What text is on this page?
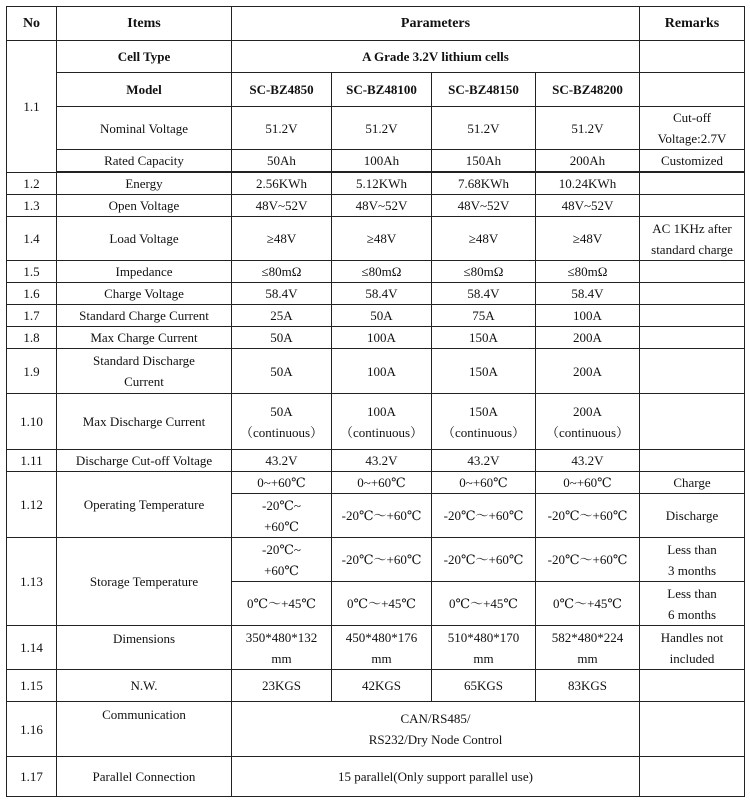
No	Items	Parameters				Remarks
1.1	Cell Type	A Grade 3.2V lithium cells				
	Model	SC-BZ4850	SC-BZ48100	SC-BZ48150	SC-BZ48200	
	Nominal Voltage	51.2V	51.2V	51.2V	51.2V	Cut-off
Voltage:2.7V

	Rated Capacity	50Ah	100Ah	150Ah	200Ah	Customized

1.2	Energy	2.56KWh	5.12KWh	7.68KWh	10.24KWh	
1.3	Open Voltage	48V~52V	48V~52V	48V~52V	48V~52V	
1.4	Load Voltage	≥48V	≥48V	≥48V	≥48V	AC 1KHz after
standard charge

1.5	Impedance	≤80mΩ	≤80mΩ	≤80mΩ	≤80mΩ	
1.6	Charge Voltage	58.4V	58.4V	58.4V	58.4V	
1.7	Standard Charge Current	25A	50A	75A	100A	
1.8	Max Charge Current	50A	100A	150A	200A	
1.9	Standard Discharge
Current	50A	100A	150A	200A	
1.10	Max Discharge Current	50A
（continuous）	100A
（continuous）	150A
（continuous）	200A
（continuous）	

1.11	Discharge Cut-off Voltage	43.2V	43.2V	43.2V	43.2V	
1.12	Operating Temperature	0~+60℃	0~+60℃	0~+60℃	0~+60℃	Charge

		-20℃~
+60℃	-20℃～+60℃	-20℃～+60℃	-20℃～+60℃	Discharge
1.13	Storage Temperature	-20℃~
+60℃	-20℃～+60℃	-20℃～+60℃	-20℃～+60℃	Less than
3 months

		0℃～+45℃	0℃～+45℃	0℃～+45℃	0℃～+45℃	Less than
6 months

1.14	Dimensions	350*480*132
mm	450*480*176
mm	510*480*170
mm	582*480*224
mm	Handles not
included

1.15	N.W.	23KGS	42KGS	65KGS	83KGS	
1.16	Communication	CAN/RS485/
RS232/Dry Node Control				

1.17	Parallel Connection	15 parallel(Only support parallel use)				
